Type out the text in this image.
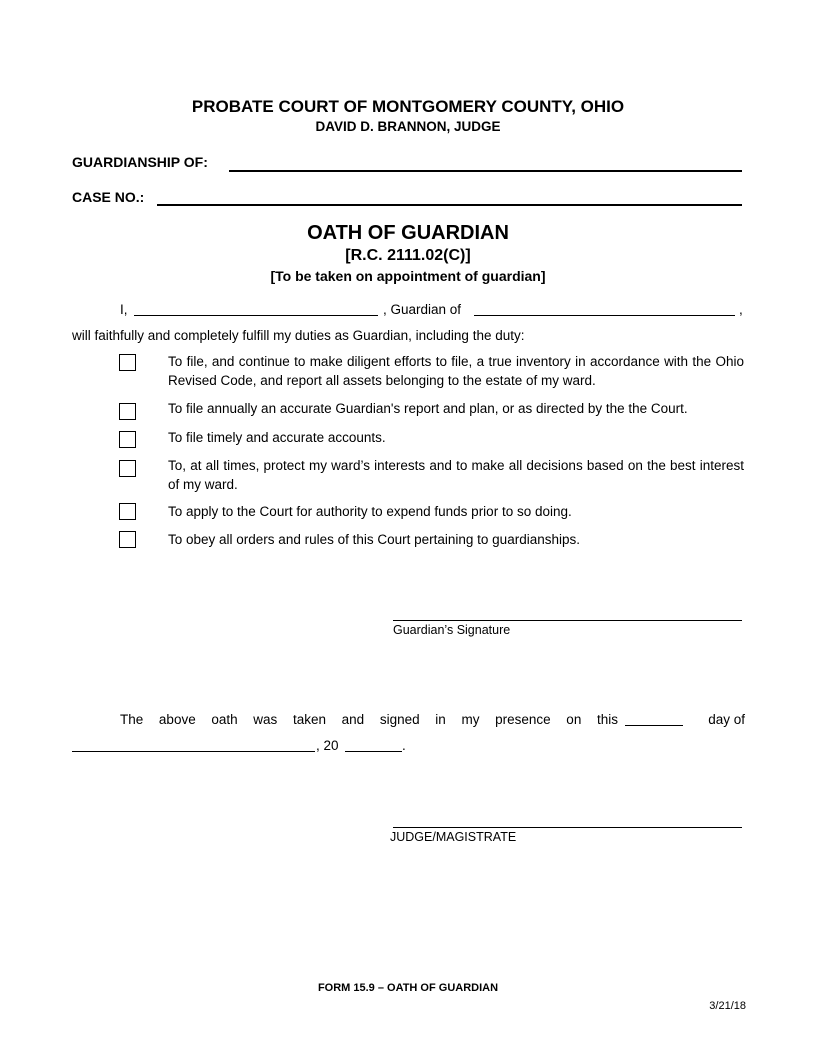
PROBATE COURT OF MONTGOMERY COUNTY, OHIO
DAVID D. BRANNON, JUDGE
GUARDIANSHIP OF:
CASE NO.:
OATH OF GUARDIAN
[R.C. 2111.02(C)]
[To be taken on appointment of guardian]
I,	, Guardian of	,
will faithfully and completely fulfill my duties as Guardian, including the duty:
To file, and continue to make diligent efforts to file, a true inventory in accordance with the Ohio Revised Code, and report all assets belonging to the estate of my ward.
To file annually an accurate Guardian's report and plan, or as directed by the the Court.
To file timely and accurate accounts.
To, at all times, protect my ward’s interests and to make all decisions based on the best interest of my ward.
To apply to the Court for authority to expend funds prior to so doing.
To obey all orders and rules of this Court pertaining to guardianships.
Guardian’s Signature
The above oath was taken and signed in my presence on this	day of
, 20	.
JUDGE/MAGISTRATE
FORM 15.9 – OATH OF GUARDIAN
3/21/18
